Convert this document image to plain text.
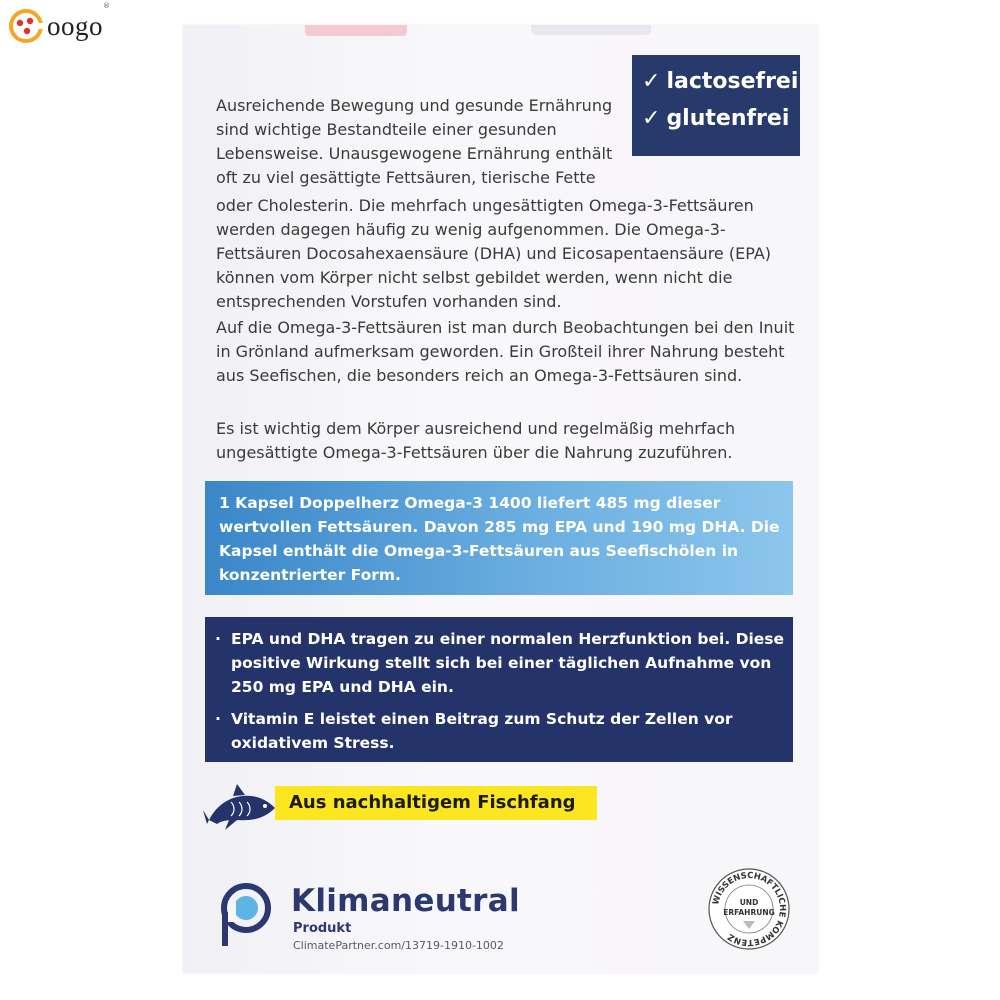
oogo
®
✓ lactosefrei
✓ glutenfrei

Ausreichende Bewegung und gesunde Ernährung sind wichtige Bestandteile einer gesunden Lebensweise. Unausgewogene Ernährung enthält oft zu viel gesättigte Fettsäuren, tierische Fette

oder Cholesterin. Die mehrfach ungesättigten Omega-3-Fettsäuren werden dagegen häufig zu wenig aufgenommen. Die Omega-3-Fettsäuren Docosahexaensäure (DHA) und Eicosapentaensäure (EPA) können vom Körper nicht selbst gebildet werden, wenn nicht die entsprechenden Vorstufen vorhanden sind.

Auf die Omega-3-Fettsäuren ist man durch Beobachtungen bei den Inuit in Grönland aufmerksam geworden. Ein Großteil ihrer Nahrung besteht aus Seefischen, die besonders reich an Omega-3-Fettsäuren sind.

Es ist wichtig dem Körper ausreichend und regelmäßig mehrfach ungesättigte Omega-3-Fettsäuren über die Nahrung zuzuführen.

1 Kapsel Doppelherz Omega-3 1400 liefert 485 mg dieser wertvollen Fettsäuren. Davon 285 mg EPA und 190 mg DHA. Die Kapsel enthält die Omega-3-Fettsäuren aus Seefischölen in konzentrierter Form.
· EPA und DHA tragen zu einer normalen Herzfunktion bei. Diese positive Wirkung stellt sich bei einer täglichen Aufnahme von 250 mg EPA und DHA ein.
· Vitamin E leistet einen Beitrag zum Schutz der Zellen vor oxidativem Stress.
Aus nachhaltigem Fischfang
Klimaneutral
Produkt
ClimatePartner.com/13719-1910-1002
WISSENSCHAFTLICHE KOMPETENZ
UND
ERFAHRUNG
